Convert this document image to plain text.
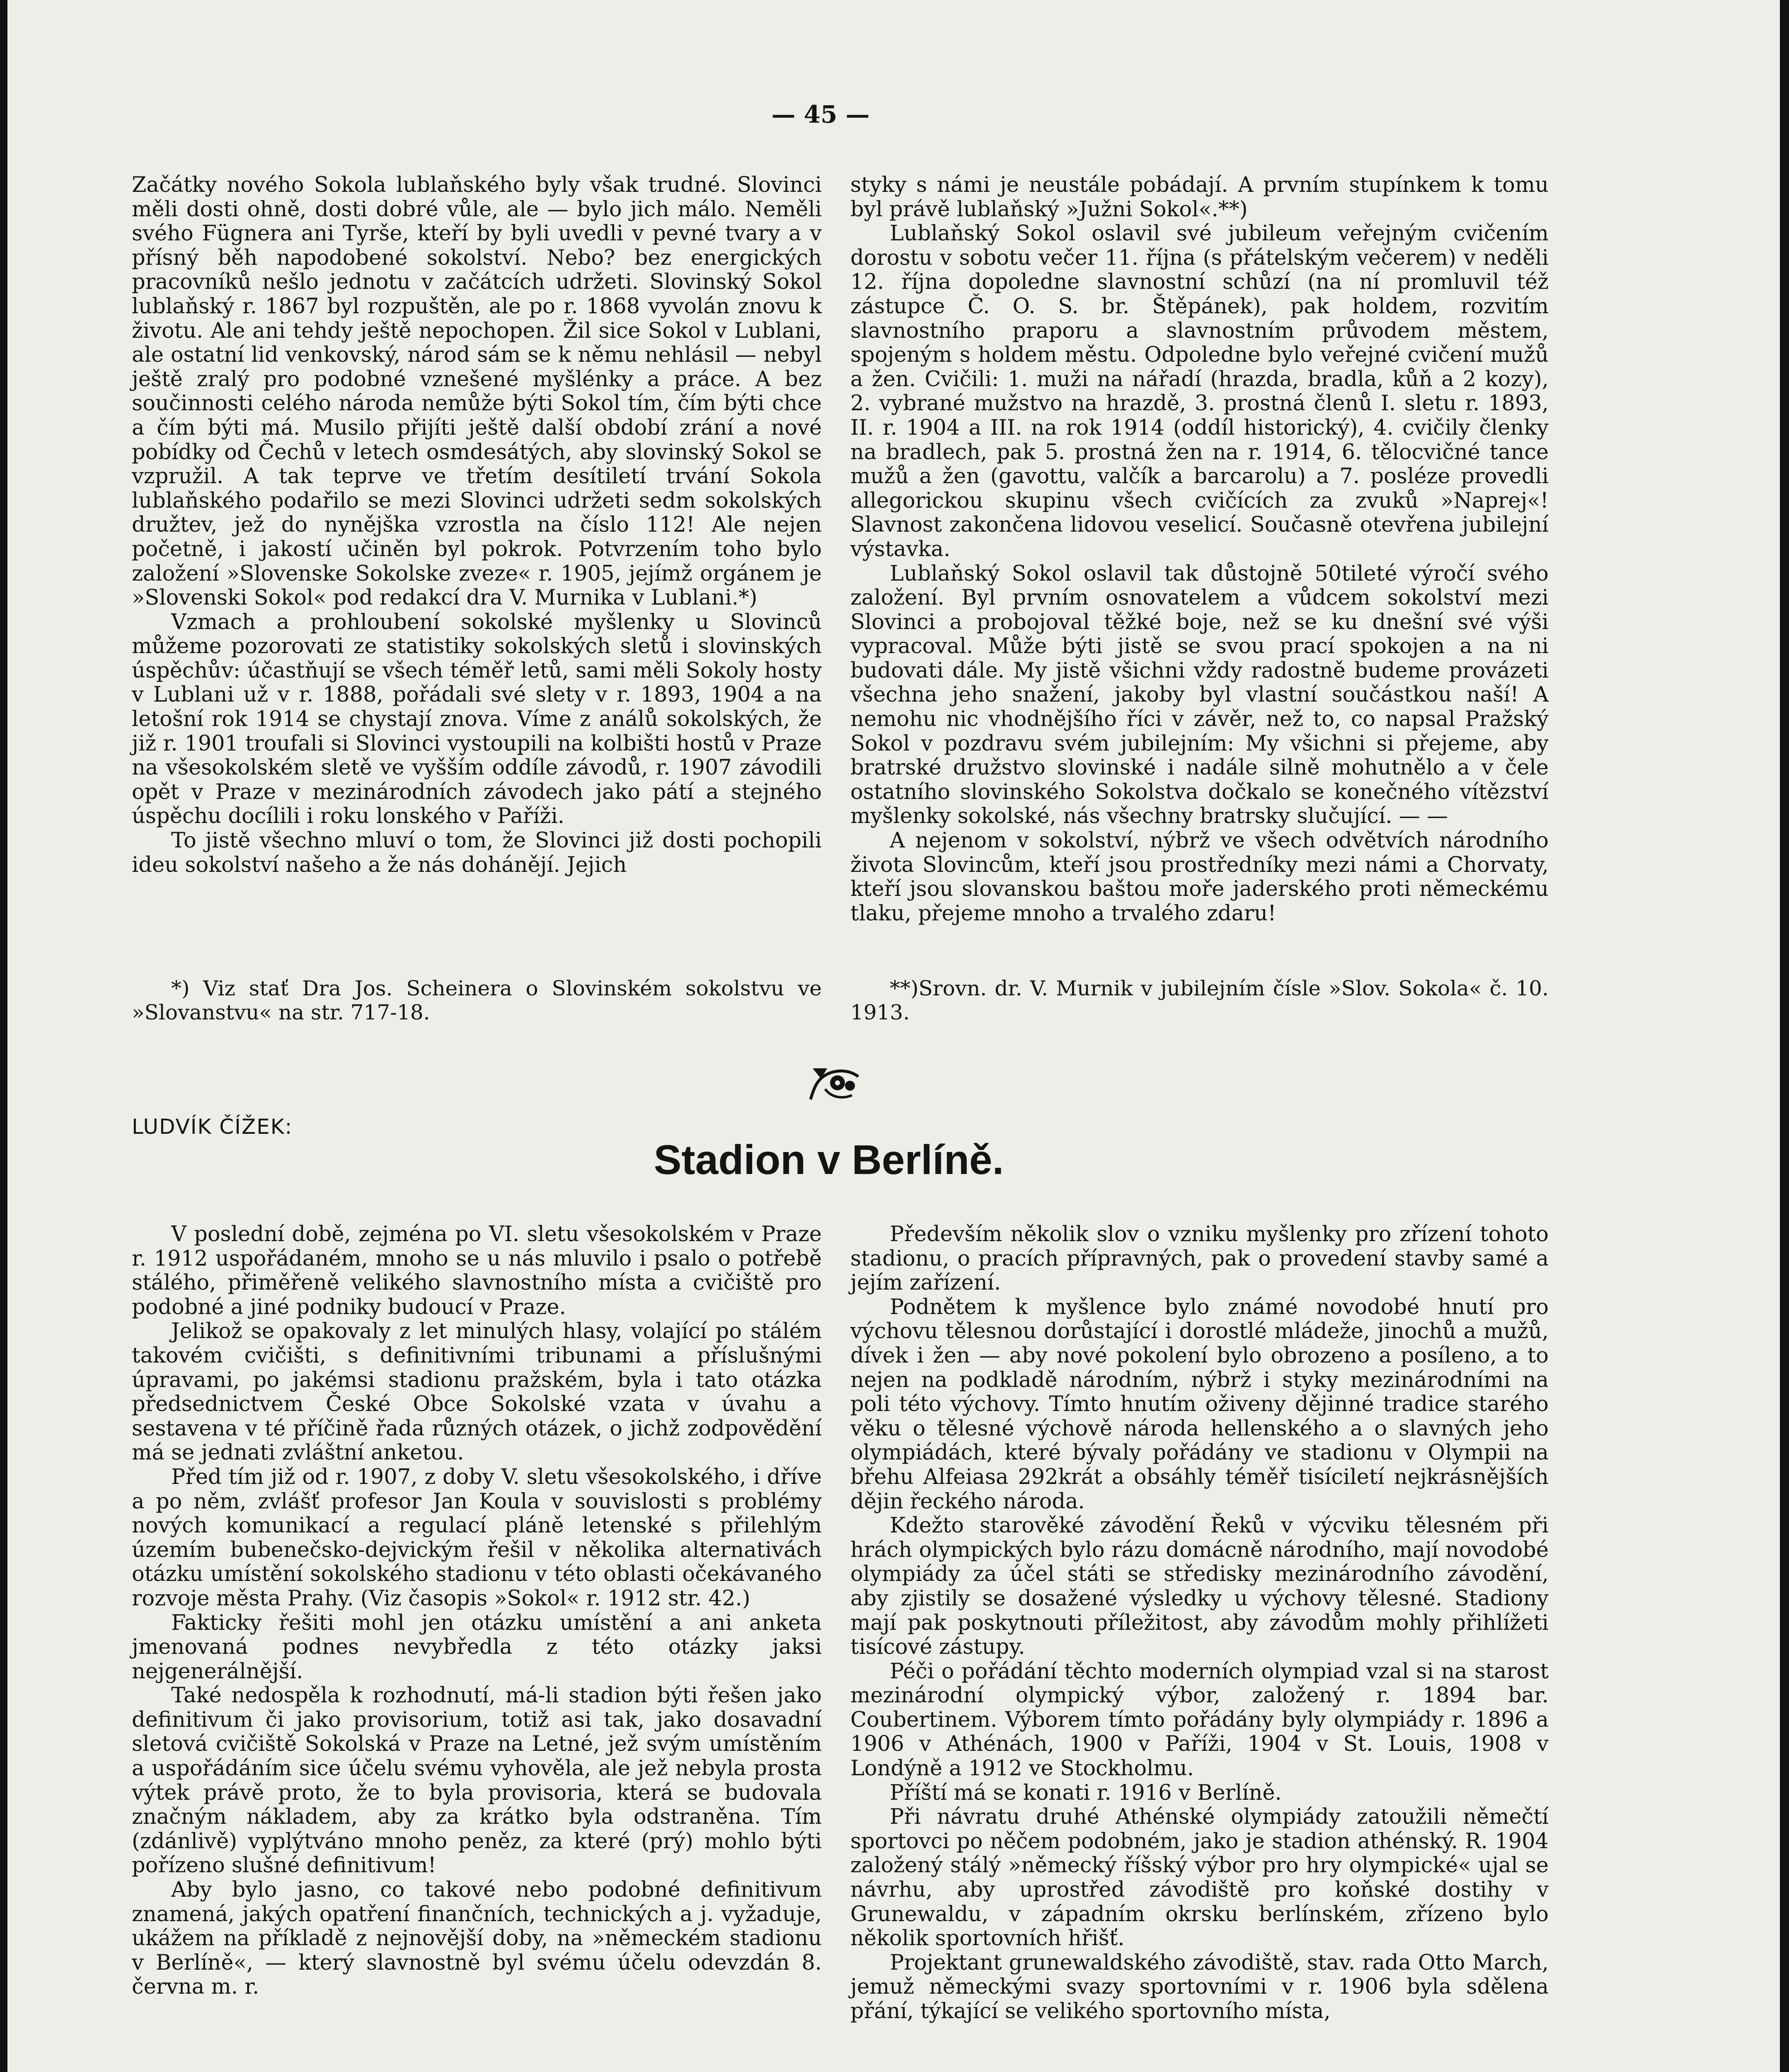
— 45 —

Začátky nového Sokola lublaňského byly však trudné. Slovinci měli dosti ohně, dosti dobré vůle, ale — bylo jich málo. Neměli svého Fügnera ani Tyrše, kteří by byli uvedli v pevné tvary a v přísný běh napodobené sokolství. Nebo? bez energických pracovníků nešlo jednotu v začátcích udržeti. Slovinský Sokol lublaňský r. 1867 byl rozpuštěn, ale po r. 1868 vyvolán znovu k životu. Ale ani tehdy ještě nepochopen. Žil sice Sokol v Lublani, ale ostatní lid venkovský, národ sám se k němu nehlásil — nebyl ještě zralý pro podobné vznešené myšlénky a práce. A bez součinnosti celého národa nemůže býti Sokol tím, čím býti chce a čím býti má. Musilo přijíti ještě další období zrání a nové pobídky od Čechů v letech osmdesátých, aby slovinský Sokol se vzpružil. A tak teprve ve třetím desítiletí trvání Sokola lublaňského podařilo se mezi Slovinci udržeti sedm sokolských družtev, jež do nynějška vzrostla na číslo 112! Ale nejen početně, i jakostí učiněn byl pokrok. Potvrzením toho bylo založení »Slovenske Sokolske zveze« r. 1905, jejímž orgánem je »Slovenski Sokol« pod redakcí dra V. Murnika v Lublani.*)

Vzmach a prohloubení sokolské myšlenky u Slovinců můžeme pozorovati ze statistiky sokolských sletů i slovinských úspěchův: účastňují se všech téměř letů, sami měli Sokoly hosty v Lublani už v r. 1888, pořádali své slety v r. 1893, 1904 a na letošní rok 1914 se chystají znova. Víme z análů sokolských, že již r. 1901 troufali si Slovinci vystoupili na kolbišti hostů v Praze na všesokolském sletě ve vyšším oddíle závodů, r. 1907 závodili opět v Praze v mezinárodních závodech jako pátí a stejného úspěchu docílili i roku lonského v Paříži.

To jistě všechno mluví o tom, že Slovinci již dosti pochopili ideu sokolství našeho a že nás dohánějí. Jejich

styky s námi je neustále pobádají. A prvním stupínkem k tomu byl právě lublaňský »Južni Sokol«.**)

Lublaňský Sokol oslavil své jubileum veřejným cvičením dorostu v sobotu večer 11. října (s přátelským večerem) v neděli 12. října dopoledne slavnostní schůzí (na ní promluvil též zástupce Č. O. S. br. Štěpánek), pak holdem, rozvitím slavnostního praporu a slavnostním průvodem městem, spojeným s holdem městu. Odpoledne bylo veřejné cvičení mužů a žen. Cvičili: 1. muži na nářadí (hrazda, bradla, kůň a 2 kozy), 2. vybrané mužstvo na hrazdě, 3. prostná členů I. sletu r. 1893, II. r. 1904 a III. na rok 1914 (oddíl historický), 4. cvičily členky na bradlech, pak 5. prostná žen na r. 1914, 6. tělocvičné tance mužů a žen (gavottu, valčík a barcarolu) a 7. posléze provedli allegorickou skupinu všech cvičících za zvuků »Naprej«! Slavnost zakončena lidovou veselicí. Současně otevřena jubilejní výstavka.

Lublaňský Sokol oslavil tak důstojně 50tileté výročí svého založení. Byl prvním osnovatelem a vůdcem sokolství mezi Slovinci a probojoval těžké boje, než se ku dnešní své výši vypracoval. Může býti jistě se svou prací spokojen a na ni budovati dále. My jistě všichni vždy radostně budeme provázeti všechna jeho snažení, jakoby byl vlastní součástkou naší! A nemohu nic vhodnějšího říci v závěr, než to, co napsal Pražský Sokol v pozdravu svém jubilejním: My všichni si přejeme, aby bratrské družstvo slovinské i nadále silně mohutnělo a v čele ostatního slovinského Sokolstva dočkalo se konečného vítězství myšlenky sokolské, nás všechny bratrsky slučující. — —

A nejenom v sokolství, nýbrž ve všech odvětvích národního života Slovincům, kteří jsou prostředníky mezi námi a Chorvaty, kteří jsou slovanskou baštou moře jaderského proti německému tlaku, přejeme mnoho a trvalého zdaru!

*) Viz stať Dra Jos. Scheinera o Slovinském sokolstvu ve »Slovanstvu« na str. 717-18.

**)Srovn. dr. V. Murnik v jubilejním čísle »Slov. Sokola« č. 10. 1913.

LUDVÍK ČÍŽEK:
Stadion v Berlíně.

V poslední době, zejména po VI. sletu všesokolském v Praze r. 1912 uspořádaném, mnoho se u nás mluvilo i psalo o potřebě stálého, přiměřeně velikého slavnostního místa a cvičiště pro podobné a jiné podniky budoucí v Praze.

Jelikož se opakovaly z let minulých hlasy, volající po stálém takovém cvičišti, s definitivními tribunami a příslušnými úpravami, po jakémsi stadionu pražském, byla i tato otázka předsednictvem České Obce Sokolské vzata v úvahu a sestavena v té příčině řada různých otázek, o jichž zodpovědění má se jednati zvláštní anketou.

Před tím již od r. 1907, z doby V. sletu všesokolského, i dříve a po něm, zvlášť profesor Jan Koula v souvislosti s problémy nových komunikací a regulací pláně letenské s přilehlým územím bubenečsko-dejvickým řešil v několika alternativách otázku umístění sokolského stadionu v této oblasti očekávaného rozvoje města Prahy. (Viz časopis »Sokol« r. 1912 str. 42.)

Fakticky řešiti mohl jen otázku umístění a ani anketa jmenovaná podnes nevybředla z této otázky jaksi nejgenerálnější.

Také nedospěla k rozhodnutí, má-li stadion býti řešen jako definitivum či jako provisorium, totiž asi tak, jako dosavadní sletová cvičiště Sokolská v Praze na Letné, jež svým umístěním a uspořádáním sice účelu svému vyhověla, ale jež nebyla prosta výtek právě proto, že to byla provisoria, která se budovala značným nákladem, aby za krátko byla odstraněna. Tím (zdánlivě) vyplýtváno mnoho peněz, za které (prý) mohlo býti pořízeno slušné definitivum!

Aby bylo jasno, co takové nebo podobné definitivum znamená, jakých opatření finančních, technických a j. vyžaduje, ukážem na příkladě z nejnovější doby, na »německém stadionu v Berlíně«, — který slavnostně byl svému účelu odevzdán 8. června m. r.

Především několik slov o vzniku myšlenky pro zřízení tohoto stadionu, o pracích přípravných, pak o provedení stavby samé a jejím zařízení.

Podnětem k myšlence bylo známé novodobé hnutí pro výchovu tělesnou dorůstající i dorostlé mládeže, jinochů a mužů, dívek i žen — aby nové pokolení bylo obrozeno a posíleno, a to nejen na podkladě národním, nýbrž i styky mezinárodními na poli této výchovy. Tímto hnutím oživeny dějinné tradice starého věku o tělesné výchově národa hellenského a o slavných jeho olympiádách, které bývaly pořádány ve stadionu v Olympii na břehu Alfeiasa 292krát a obsáhly téměř tisíciletí nejkrásnějších dějin řeckého národa.

Kdežto starověké závodění Řeků v výcviku tělesném při hrách olympických bylo rázu domácně národního, mají novodobé olympiády za účel státi se středisky mezinárodního závodění, aby zjistily se dosažené výsledky u výchovy tělesné. Stadiony mají pak poskytnouti příležitost, aby závodům mohly přihlížeti tisícové zástupy.

Péči o pořádání těchto moderních olympiad vzal si na starost mezinárodní olympický výbor, založený r. 1894 bar. Coubertinem. Výborem tímto pořádány byly olympiády r. 1896 a 1906 v Athénách, 1900 v Paříži, 1904 v St. Louis, 1908 v Londýně a 1912 ve Stockholmu.

Příští má se konati r. 1916 v Berlíně.

Při návratu druhé Athénské olympiády zatoužili němečtí sportovci po něčem podobném, jako je stadion athénský. R. 1904 založený stálý »německý říšský výbor pro hry olympické« ujal se návrhu, aby uprostřed závodiště pro koňské dostihy v Grunewaldu, v západním okrsku berlínském, zřízeno bylo několik sportovních hřišť.

Projektant grunewaldského závodiště, stav. rada Otto March, jemuž německými svazy sportovními v r. 1906 byla sdělena přání, týkající se velikého sportovního místa,
